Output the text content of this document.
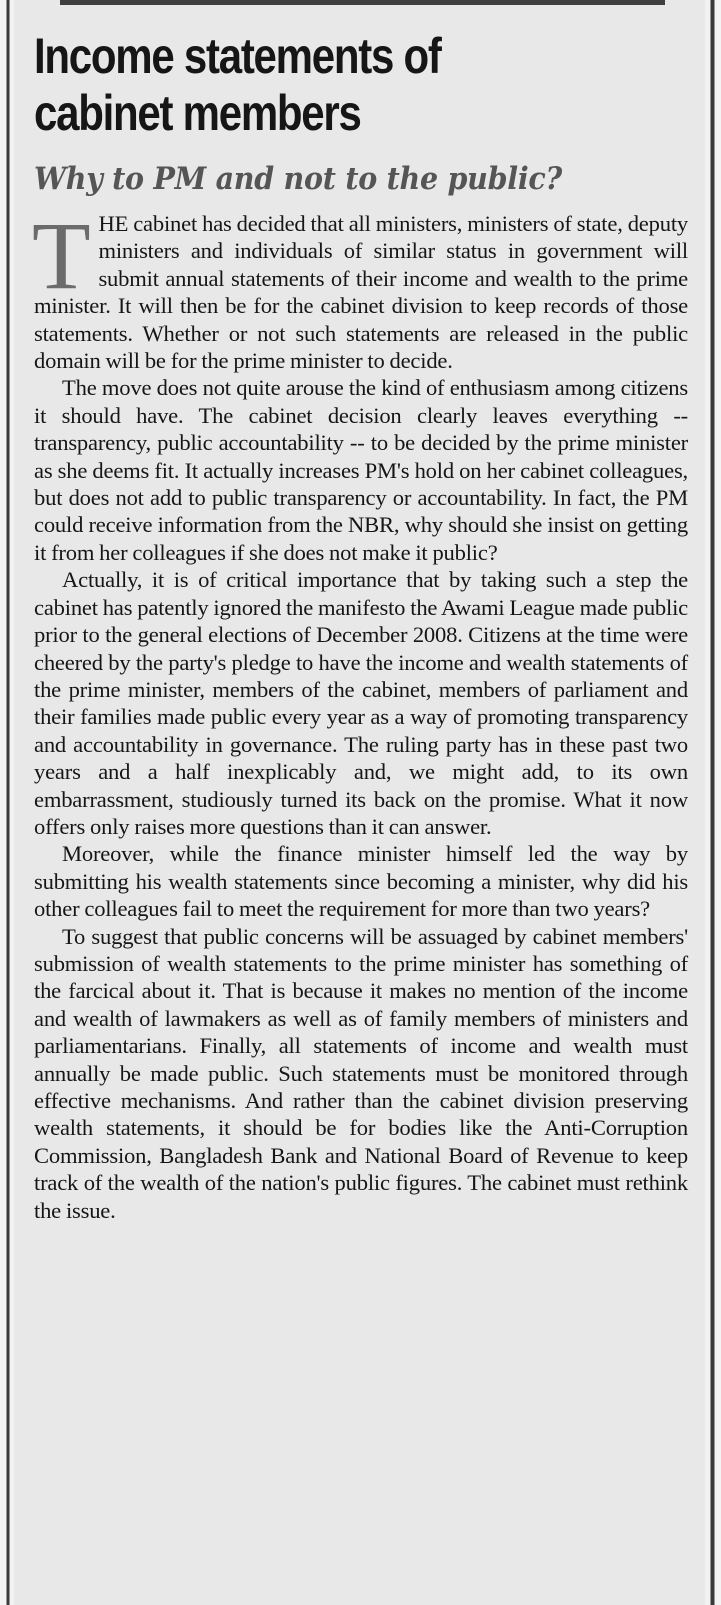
Income statements of
cabinet members
Why to PM and not to the public?

THE cabinet has decided that all ministers, ministers of state, deputy ministers and individuals of similar status in government will submit annual statements of their income and wealth to the prime minister. It will then be for the cabinet division to keep records of those statements. Whether or not such statements are released in the public domain will be for the prime minister to decide.

The move does not quite arouse the kind of enthusiasm among citizens it should have. The cabinet decision clearly leaves everything -- transparency, public accountability -- to be decided by the prime minister as she deems fit. It actually increases PM's hold on her cabinet colleagues, but does not add to public transparency or accountability. In fact, the PM could receive information from the NBR, why should she insist on getting it from her colleagues if she does not make it public?

Actually, it is of critical importance that by taking such a step the cabinet has patently ignored the manifesto the Awami League made public prior to the general elections of December 2008. Citizens at the time were cheered by the party's pledge to have the income and wealth statements of the prime minister, members of the cabinet, members of parliament and their families made public every year as a way of promoting transparency and accountability in governance. The ruling party has in these past two years and a half inexplicably and, we might add, to its own embarrassment, studiously turned its back on the promise. What it now offers only raises more questions than it can answer.

Moreover, while the finance minister himself led the way by submitting his wealth statements since becoming a minister, why did his other colleagues fail to meet the requirement for more than two years?

To suggest that public concerns will be assuaged by cabinet members' submission of wealth statements to the prime minister has something of the farcical about it. That is because it makes no mention of the income and wealth of lawmakers as well as of family members of ministers and parliamentarians. Finally, all statements of income and wealth must annually be made public. Such statements must be monitored through effective mechanisms. And rather than the cabinet division preserving wealth statements, it should be for bodies like the Anti-Corruption Commission, Bangladesh Bank and National Board of Revenue to keep track of the wealth of the nation's public figures. The cabinet must rethink the issue.
